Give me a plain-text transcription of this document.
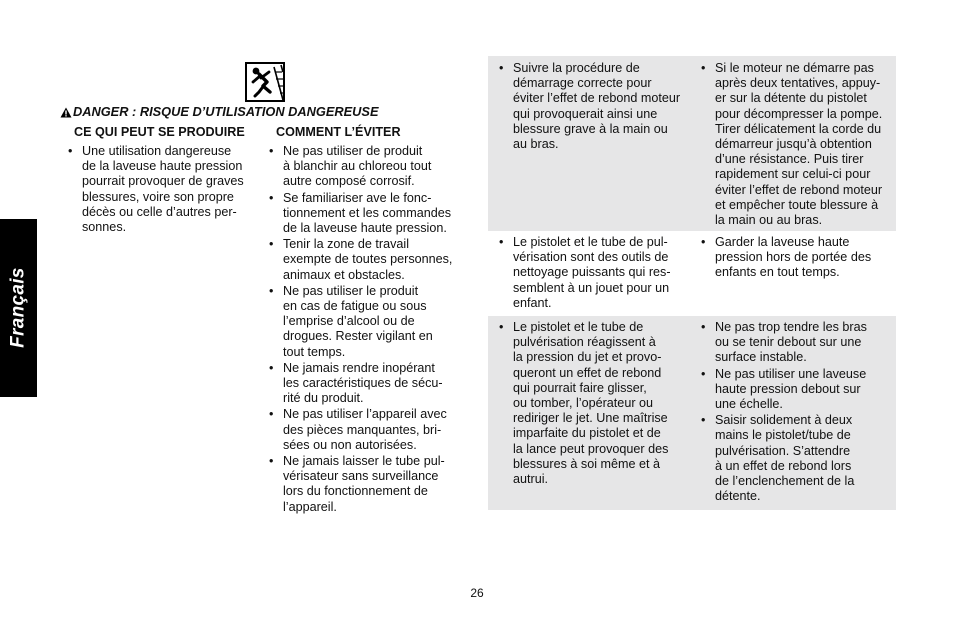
Français
DANGER : RISQUE D’UTILISATION DANGEREUSE
CE QUI PEUT SE PRODUIRE COMMENT L’ÉVITER
• Une utilisation dangereuse
de la laveuse haute pression
pourrait provoquer de graves
blessures, voire son propre
décès ou celle d’autres per-
sonnes.
• Ne pas utiliser de produit
à blanchir au chloreou tout
autre composé corrosif.
• Se familiariser ave le fonc-
tionnement et les commandes
de la laveuse haute pression.
• Tenir la zone de travail
exempte de toutes personnes,
animaux et obstacles.
• Ne pas utiliser le produit
en cas de fatigue ou sous
l’emprise d’alcool ou de
drogues. Rester vigilant en
tout temps.
• Ne jamais rendre inopérant
les caractéristiques de sécu-
rité du produit.
• Ne pas utiliser l’appareil avec
des pièces manquantes, bri-
sées ou non autorisées.
• Ne jamais laisser le tube pul-
vérisateur sans surveillance
lors du fonctionnement de
l’appareil.
• Suivre la procédure de
démarrage correcte pour
éviter l’effet de rebond moteur
qui provoquerait ainsi une
blessure grave à la main ou
au bras.
• Si le moteur ne démarre pas
après deux tentatives, appuy-
er sur la détente du pistolet
pour décompresser la pompe.
Tirer délicatement la corde du
démarreur jusqu’à obtention
d’une résistance. Puis tirer
rapidement sur celui-ci pour
éviter l’effet de rebond moteur
et empêcher toute blessure à
la main ou au bras.
• Le pistolet et le tube de pul-
vérisation sont des outils de
nettoyage puissants qui res-
semblent à un jouet pour un
enfant.
• Garder la laveuse haute
pression hors de portée des
enfants en tout temps.
• Le pistolet et le tube de
pulvérisation réagissent à
la pression du jet et provo-
queront un effet de rebond
qui pourrait faire glisser,
ou tomber, l’opérateur ou
rediriger le jet. Une maîtrise
imparfaite du pistolet et de
la lance peut provoquer des
blessures à soi même et à
autrui.
• Ne pas trop tendre les bras
ou se tenir debout sur une
surface instable.
• Ne pas utiliser une laveuse
haute pression debout sur
une échelle.
• Saisir solidement à deux
mains le pistolet/tube de
pulvérisation. S’attendre
à un effet de rebond lors
de l’enclenchement de la
détente.
26
